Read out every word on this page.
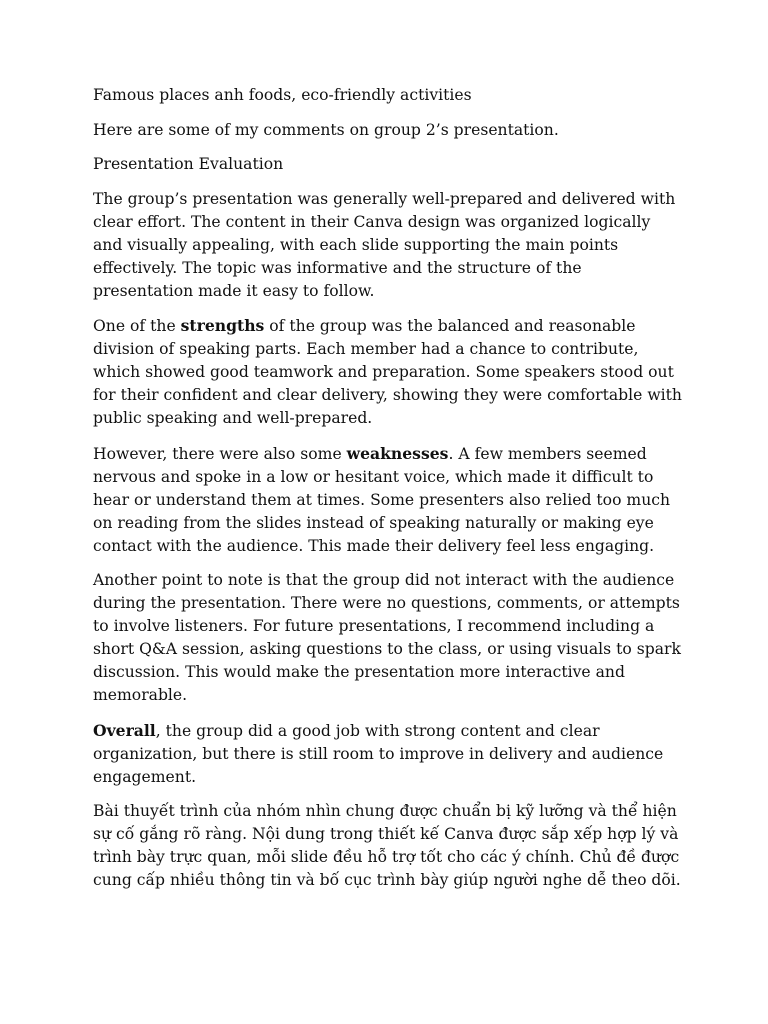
Famous places anh foods, eco-friendly activities

Here are some of my comments on group 2’s presentation.

Presentation Evaluation

The group’s presentation was generally well-prepared and delivered with clear effort. The content in their Canva design was organized logically and visually appealing, with each slide supporting the main points effectively. The topic was informative and the structure of the presentation made it easy to follow.

One of the strengths of the group was the balanced and reasonable division of speaking parts. Each member had a chance to contribute, which showed good teamwork and preparation. Some speakers stood out for their confident and clear delivery, showing they were comfortable with public speaking and well-prepared.

However, there were also some weaknesses. A few members seemed nervous and spoke in a low or hesitant voice, which made it difficult to hear or understand them at times. Some presenters also relied too much on reading from the slides instead of speaking naturally or making eye contact with the audience. This made their delivery feel less engaging.

Another point to note is that the group did not interact with the audience during the presentation. There were no questions, comments, or attempts to involve listeners. For future presentations, I recommend including a short Q&A session, asking questions to the class, or using visuals to spark discussion. This would make the presentation more interactive and memorable.

Overall, the group did a good job with strong content and clear organization, but there is still room to improve in delivery and audience engagement.

Bài thuyết trình của nhóm nhìn chung được chuẩn bị kỹ lưỡng và thể hiện sự cố gắng rõ ràng. Nội dung trong thiết kế Canva được sắp xếp hợp lý và trình bày trực quan, mỗi slide đều hỗ trợ tốt cho các ý chính. Chủ đề được cung cấp nhiều thông tin và bố cục trình bày giúp người nghe dễ theo dõi.
